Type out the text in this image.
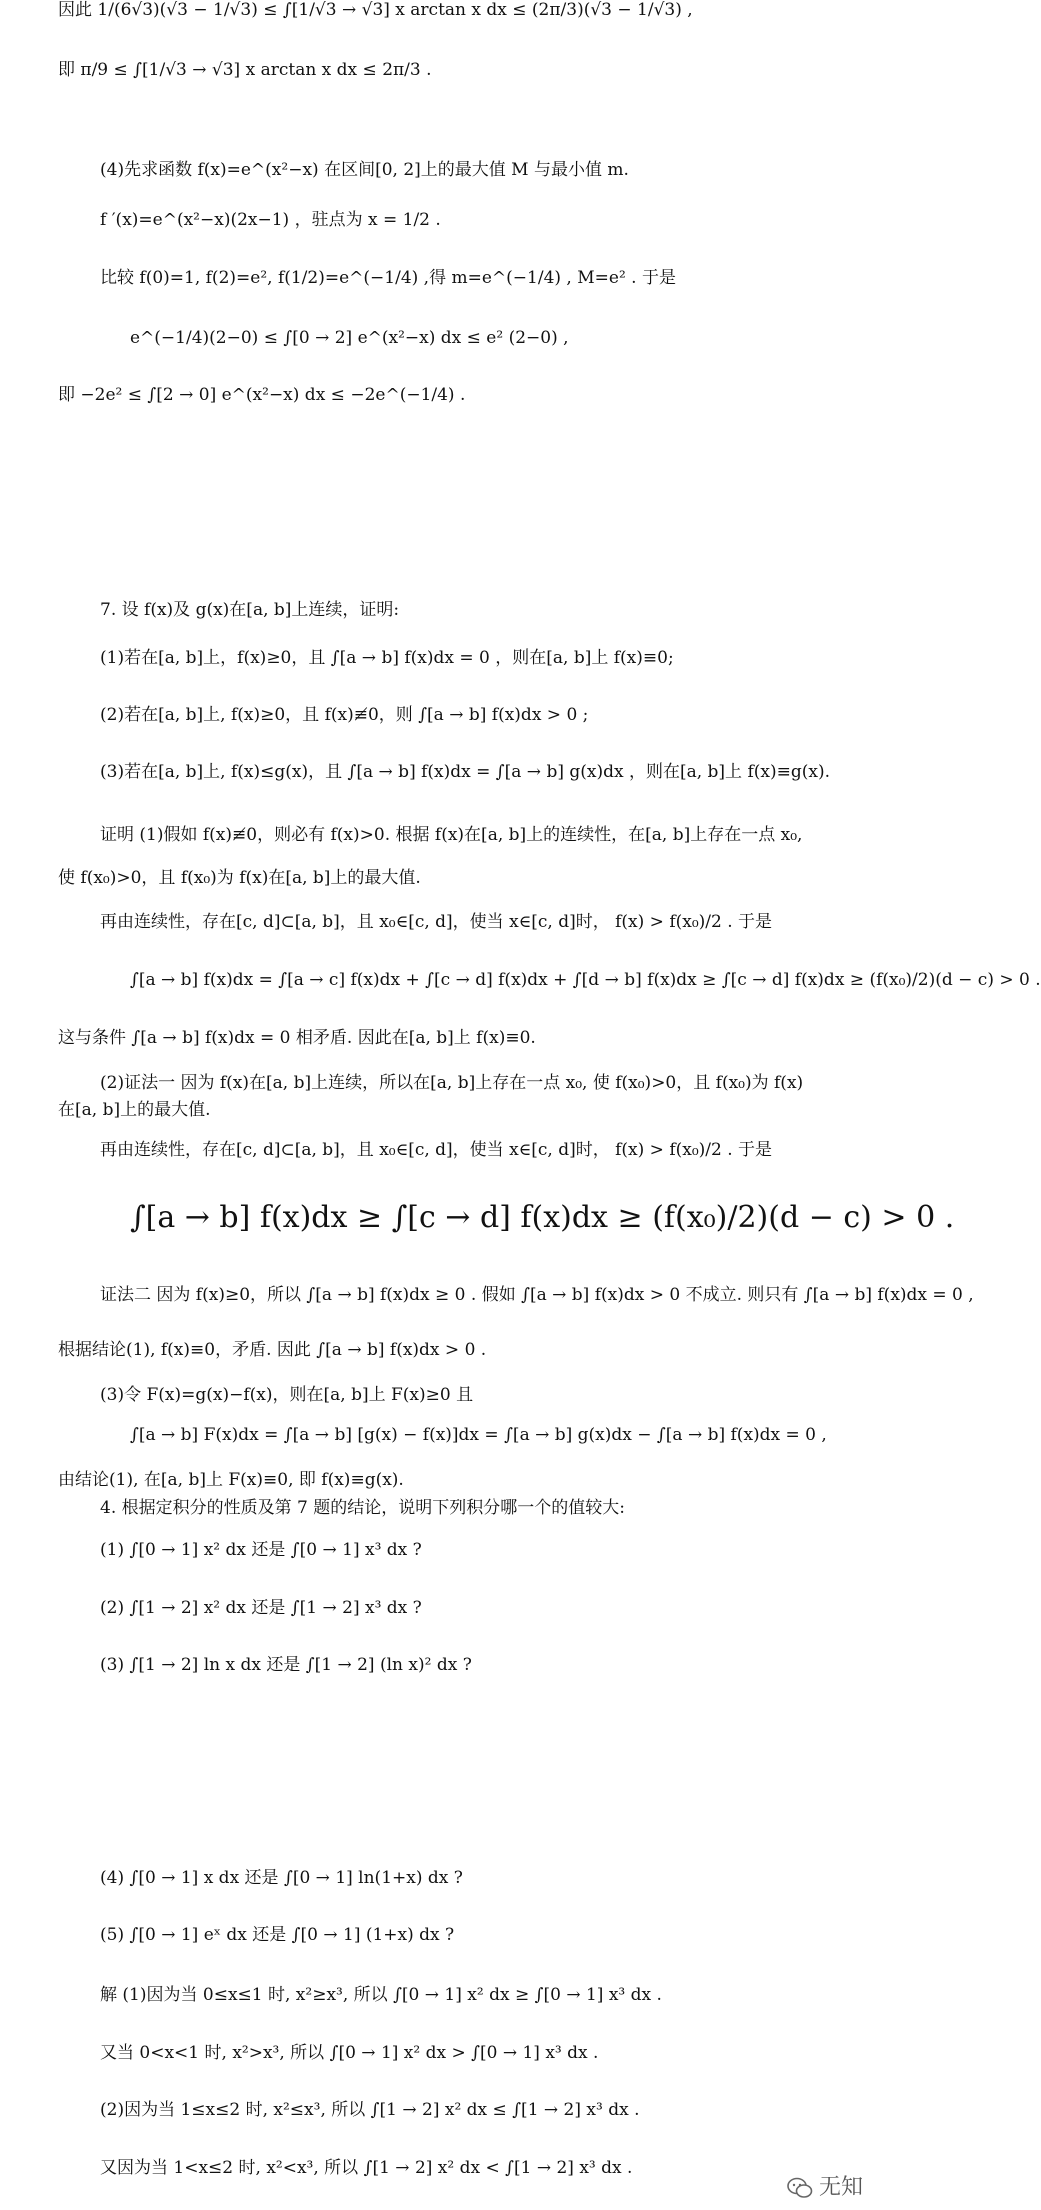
因此 1/(6√3)(√3 − 1/√3) ≤ ∫[1/√3 → √3] x arctan x dx ≤ (2π/3)(√3 − 1/√3) ,
即 π/9 ≤ ∫[1/√3 → √3] x arctan x dx ≤ 2π/3 .
(4)先求函数 f(x)=e^(x²−x) 在区间[0, 2]上的最大值 M 与最小值 m.
f ′(x)=e^(x²−x)(2x−1) ，驻点为 x = 1/2 .
比较 f(0)=1, f(2)=e², f(1/2)=e^(−1/4) ,得 m=e^(−1/4) , M=e² . 于是
e^(−1/4)(2−0) ≤ ∫[0 → 2] e^(x²−x) dx ≤ e² (2−0) ,
即 −2e² ≤ ∫[2 → 0] e^(x²−x) dx ≤ −2e^(−1/4) .
7. 设 f(x)及 g(x)在[a, b]上连续，证明:
(1)若在[a, b]上，f(x)≥0，且 ∫[a → b] f(x)dx = 0 ，则在[a, b]上 f(x)≡0;
(2)若在[a, b]上, f(x)≥0，且 f(x)≢0，则 ∫[a → b] f(x)dx > 0 ;
(3)若在[a, b]上, f(x)≤g(x)，且 ∫[a → b] f(x)dx = ∫[a → b] g(x)dx ，则在[a, b]上 f(x)≡g(x).
证明 (1)假如 f(x)≢0，则必有 f(x)>0. 根据 f(x)在[a, b]上的连续性，在[a, b]上存在一点 x₀,
使 f(x₀)>0，且 f(x₀)为 f(x)在[a, b]上的最大值.
再由连续性，存在[c, d]⊂[a, b]，且 x₀∈[c, d]，使当 x∈[c, d]时， f(x) > f(x₀)/2 . 于是
∫[a → b] f(x)dx = ∫[a → c] f(x)dx + ∫[c → d] f(x)dx + ∫[d → b] f(x)dx ≥ ∫[c → d] f(x)dx ≥ (f(x₀)/2)(d − c) > 0 .
这与条件 ∫[a → b] f(x)dx = 0 相矛盾. 因此在[a, b]上 f(x)≡0.
(2)证法一 因为 f(x)在[a, b]上连续，所以在[a, b]上存在一点 x₀, 使 f(x₀)>0，且 f(x₀)为 f(x)
在[a, b]上的最大值.
再由连续性，存在[c, d]⊂[a, b]，且 x₀∈[c, d]，使当 x∈[c, d]时， f(x) > f(x₀)/2 . 于是
∫[a → b] f(x)dx ≥ ∫[c → d] f(x)dx ≥ (f(x₀)/2)(d − c) > 0 .
证法二 因为 f(x)≥0，所以 ∫[a → b] f(x)dx ≥ 0 . 假如 ∫[a → b] f(x)dx > 0 不成立. 则只有 ∫[a → b] f(x)dx = 0 ,
根据结论(1), f(x)≡0，矛盾. 因此 ∫[a → b] f(x)dx > 0 .
(3)令 F(x)=g(x)−f(x)，则在[a, b]上 F(x)≥0 且
∫[a → b] F(x)dx = ∫[a → b] [g(x) − f(x)]dx = ∫[a → b] g(x)dx − ∫[a → b] f(x)dx = 0 ,
由结论(1), 在[a, b]上 F(x)≡0, 即 f(x)≡g(x).
4. 根据定积分的性质及第 7 题的结论，说明下列积分哪一个的值较大:
(1) ∫[0 → 1] x² dx 还是 ∫[0 → 1] x³ dx ?
(2) ∫[1 → 2] x² dx 还是 ∫[1 → 2] x³ dx ?
(3) ∫[1 → 2] ln x dx 还是 ∫[1 → 2] (ln x)² dx ?
(4) ∫[0 → 1] x dx 还是 ∫[0 → 1] ln(1+x) dx ?
(5) ∫[0 → 1] eˣ dx 还是 ∫[0 → 1] (1+x) dx ?
解 (1)因为当 0≤x≤1 时, x²≥x³, 所以 ∫[0 → 1] x² dx ≥ ∫[0 → 1] x³ dx .
又当 0<x<1 时, x²>x³, 所以 ∫[0 → 1] x² dx > ∫[0 → 1] x³ dx .
(2)因为当 1≤x≤2 时, x²≤x³, 所以 ∫[1 → 2] x² dx ≤ ∫[1 → 2] x³ dx .
又因为当 1<x≤2 时, x²<x³, 所以 ∫[1 → 2] x² dx < ∫[1 → 2] x³ dx .
无知
